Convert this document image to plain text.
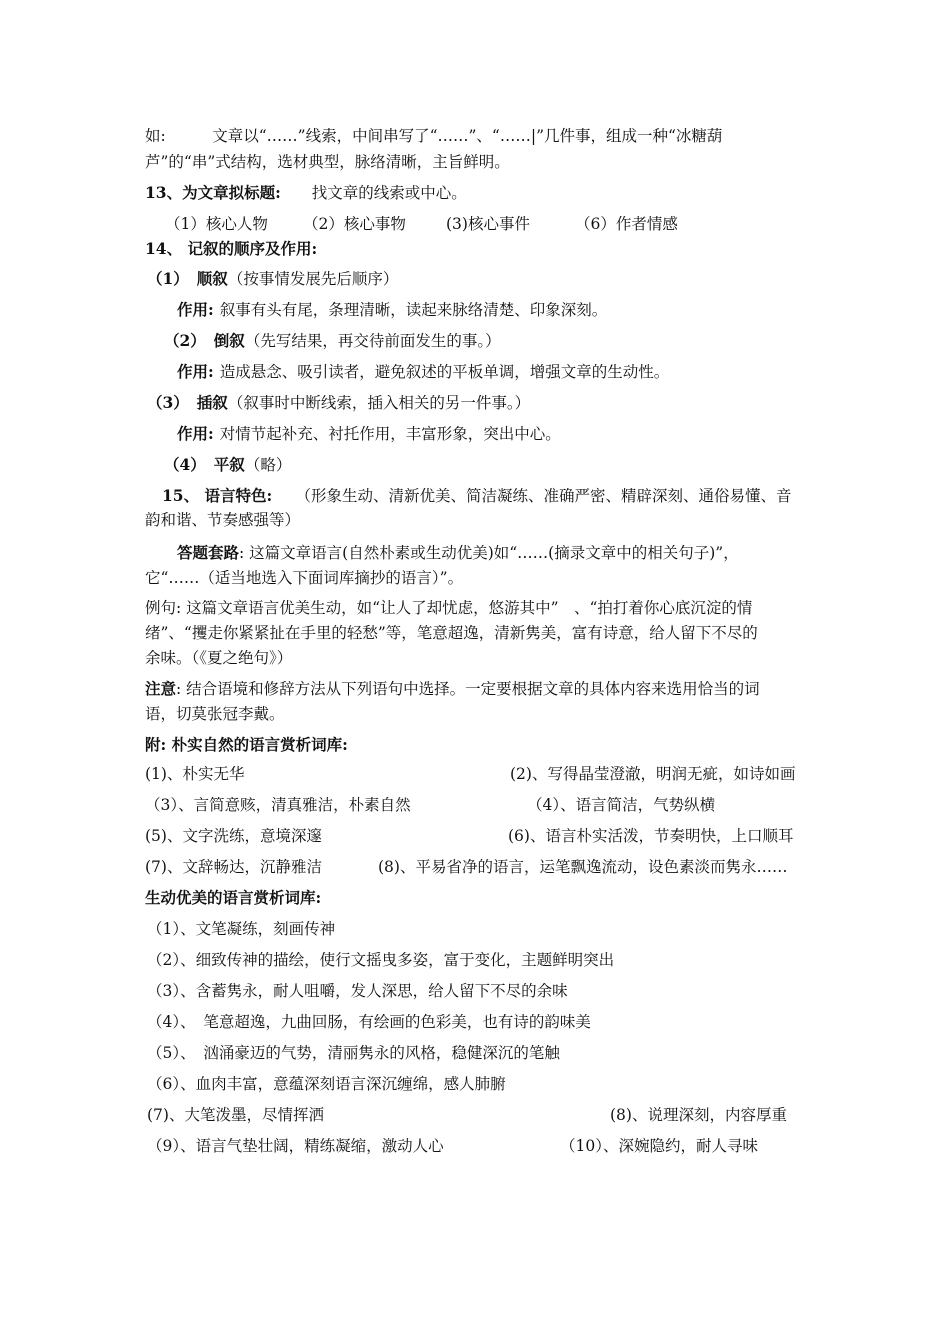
如:　　　文章以“……”线索，中间串写了“……”、“……|”几件事，组成一种“冰糖葫
芦”的“串”式结构，选材典型，脉络清晰，主旨鲜明。
13、为文章拟标题:　　找文章的线索或中心。
（1）核心人物 （2）核心事物	(3)核心事件	（6）作者情感
14、 记叙的顺序及作用:
（1） 顺叙（按事情发展先后顺序）
作用: 叙事有头有尾，条理清晰，读起来脉络清楚、印象深刻。
（2） 倒叙（先写结果，再交待前面发生的事。）
作用: 造成悬念、吸引读者，避免叙述的平板单调，增强文章的生动性。
（3） 插叙（叙事时中断线索，插入相关的另一件事。）
作用: 对情节起补充、衬托作用，丰富形象，突出中心。
（4） 平叙（略）
15、 语言特色:　　（形象生动、清新优美、简洁凝练、准确严密、精辟深刻、通俗易懂、音
韵和谐、节奏感强等）
答题套路: 这篇文章语言(自然朴素或生动优美)如“……(摘录文章中的相关句子)”，
它“……（适当地选入下面词库摘抄的语言）”。
例句: 这篇文章语言优美生动，如“让人了却忧虑，悠游其中”　、“拍打着你心底沉淀的情
绪”、“攫走你紧紧扯在手里的轻愁”等，笔意超逸，清新隽美，富有诗意，给人留下不尽的
余味。（《夏之绝句》）
注意: 结合语境和修辞方法从下列语句中选择。一定要根据文章的具体内容来选用恰当的词
语，切莫张冠李戴。
附: 朴实自然的语言赏析词库:
(1)、朴实无华	(2)、写得晶莹澄澈，明润无疵，如诗如画
（3）、言简意赅，清真雅洁，朴素自然	（4）、语言简洁，气势纵横
(5)、文字洗练，意境深邃	(6)、语言朴实活泼，节奏明快，上口顺耳
(7)、文辞畅达，沉静雅洁	(8)、平易省净的语言，运笔飘逸流动，设色素淡而隽永……
生动优美的语言赏析词库:
（1）、文笔凝练，刻画传神
（2）、细致传神的描绘，使行文摇曳多姿，富于变化，主题鲜明突出
（3）、含蓄隽永，耐人咀嚼，发人深思，给人留下不尽的余味
（4）、　笔意超逸，九曲回肠，有绘画的色彩美，也有诗的韵味美
（5）、　汹涌豪迈的气势，清丽隽永的风格，稳健深沉的笔触
（6）、血肉丰富，意蕴深刻语言深沉缠绵，感人肺腑
(7)、大笔泼墨，尽情挥洒	(8)、说理深刻，内容厚重
（9）、语言气垫壮阔，精练凝缩，激动人心	（10）、深婉隐约，耐人寻味
